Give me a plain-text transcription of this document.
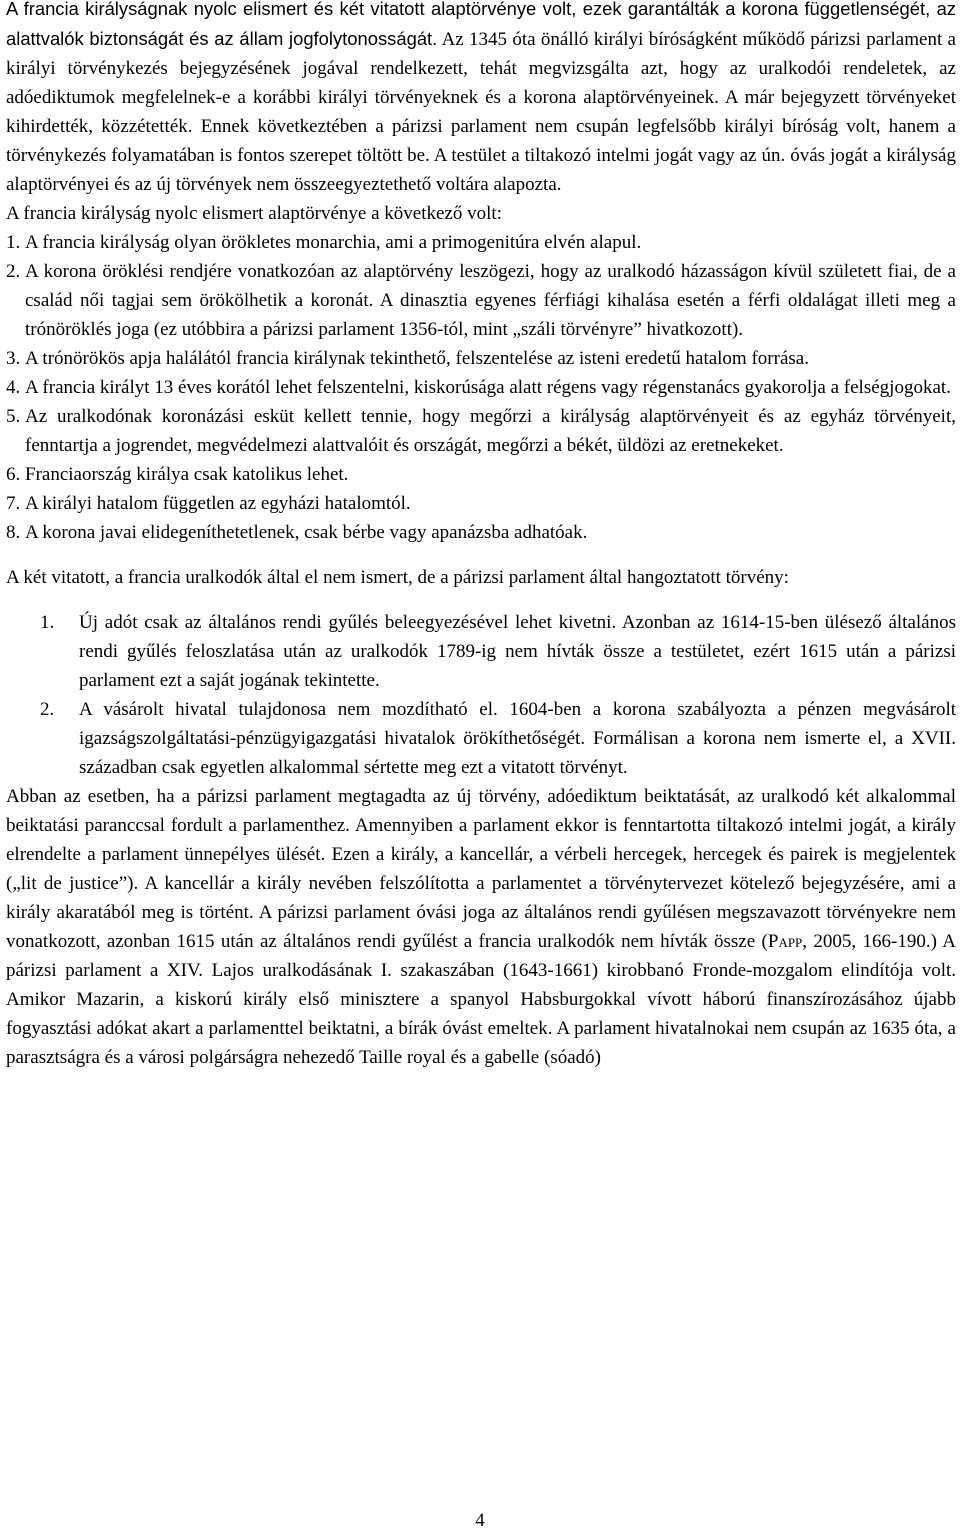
A francia királyságnak nyolc elismert és két vitatott alaptörvénye volt, ezek garantálták a korona függetlenségét, az alattvalók biztonságát és az állam jogfolytonosságát. Az 1345 óta önálló királyi bíróságként működő párizsi parlament a királyi törvénykezés bejegyzésének jogával rendelkezett, tehát megvizsgálta azt, hogy az uralkodói rendeletek, az adóediktumok megfelelnek-e a korábbi királyi törvényeknek és a korona alaptörvényeinek. A már bejegyzett törvényeket kihirdették, közzétették. Ennek következtében a párizsi parlament nem csupán legfelsőbb királyi bíróság volt, hanem a törvénykezés folyamatában is fontos szerepet töltött be. A testület a tiltakozó intelmi jogát vagy az ún. óvás jogát a királyság alaptörvényei és az új törvények nem összeegyeztethető voltára alapozta.

A francia királyság nyolc elismert alaptörvénye a következő volt:

1.
A francia királyság olyan örökletes monarchia, ami a primogenitúra elvén alapul.
2.
A korona öröklési rendjére vonatkozóan az alaptörvény leszögezi, hogy az uralkodó házasságon kívül született fiai, de a család női tagjai sem örökölhetik a koronát. A dinasztia egyenes férfiági kihalása esetén a férfi oldalágat illeti meg a trónöröklés joga (ez utóbbira a párizsi parlament 1356-tól, mint „száli törvényre” hivatkozott).
3.
A trónörökös apja halálától francia királynak tekinthető, felszentelése az isteni eredetű hatalom forrása.
4.
A francia királyt 13 éves korától lehet felszentelni, kiskorúsága alatt régens vagy régenstanács gyakorolja a felségjogokat.
5.
Az uralkodónak koronázási esküt kellett tennie, hogy megőrzi a királyság alaptörvényeit és az egyház törvényeit, fenntartja a jogrendet, megvédelmezi alattvalóit és országát, megőrzi a békét, üldözi az eretnekeket.
6.
Franciaország királya csak katolikus lehet.
7.
A királyi hatalom független az egyházi hatalomtól.
8.
A korona javai elidegeníthetetlenek, csak bérbe vagy apanázsba adhatóak.

A két vitatott, a francia uralkodók által el nem ismert, de a párizsi parlament által hangoztatott törvény:

1.	Új adót csak az általános rendi gyűlés beleegyezésével lehet kivetni. Azonban az 1614-15-ben ülésező általános rendi gyűlés feloszlatása után az uralkodók 1789-ig nem hívták össze a testületet, ezért 1615 után a párizsi parlament ezt a saját jogának tekintette.
2.	A vásárolt hivatal tulajdonosa nem mozdítható el. 1604-ben a korona szabályozta a pénzen megvásárolt igazságszolgáltatási-pénzügyigazgatási hivatalok örökíthetőségét. Formálisan a korona nem ismerte el, a XVII. században csak egyetlen alkalommal sértette meg ezt a vitatott törvényt.

Abban az esetben, ha a párizsi parlament megtagadta az új törvény, adóediktum beiktatását, az uralkodó két alkalommal beiktatási paranccsal fordult a parlamenthez. Amennyiben a parlament ekkor is fenntartotta tiltakozó intelmi jogát, a király elrendelte a parlament ünnepélyes ülését. Ezen a király, a kancellár, a vérbeli hercegek, hercegek és pairek is megjelentek („lit de justice”). A kancellár a király nevében felszólította a parlamentet a törvénytervezet kötelező bejegyzésére, ami a király akaratából meg is történt. A párizsi parlament óvási joga az általános rendi gyűlésen megszavazott törvényekre nem vonatkozott, azonban 1615 után az általános rendi gyűlést a francia uralkodók nem hívták össze (Papp, 2005, 166-190.) A párizsi parlament a XIV. Lajos uralkodásának I. szakaszában (1643-1661) kirobbanó Fronde-mozgalom elindítója volt. Amikor Mazarin, a kiskorú király első minisztere a spanyol Habsburgokkal vívott háború finanszírozásához újabb fogyasztási adókat akart a parlamenttel beiktatni, a bírák óvást emeltek. A parlament hivatalnokai nem csupán az 1635 óta, a parasztságra és a városi polgárságra nehezedő Taille royal és a gabelle (sóadó)

4
